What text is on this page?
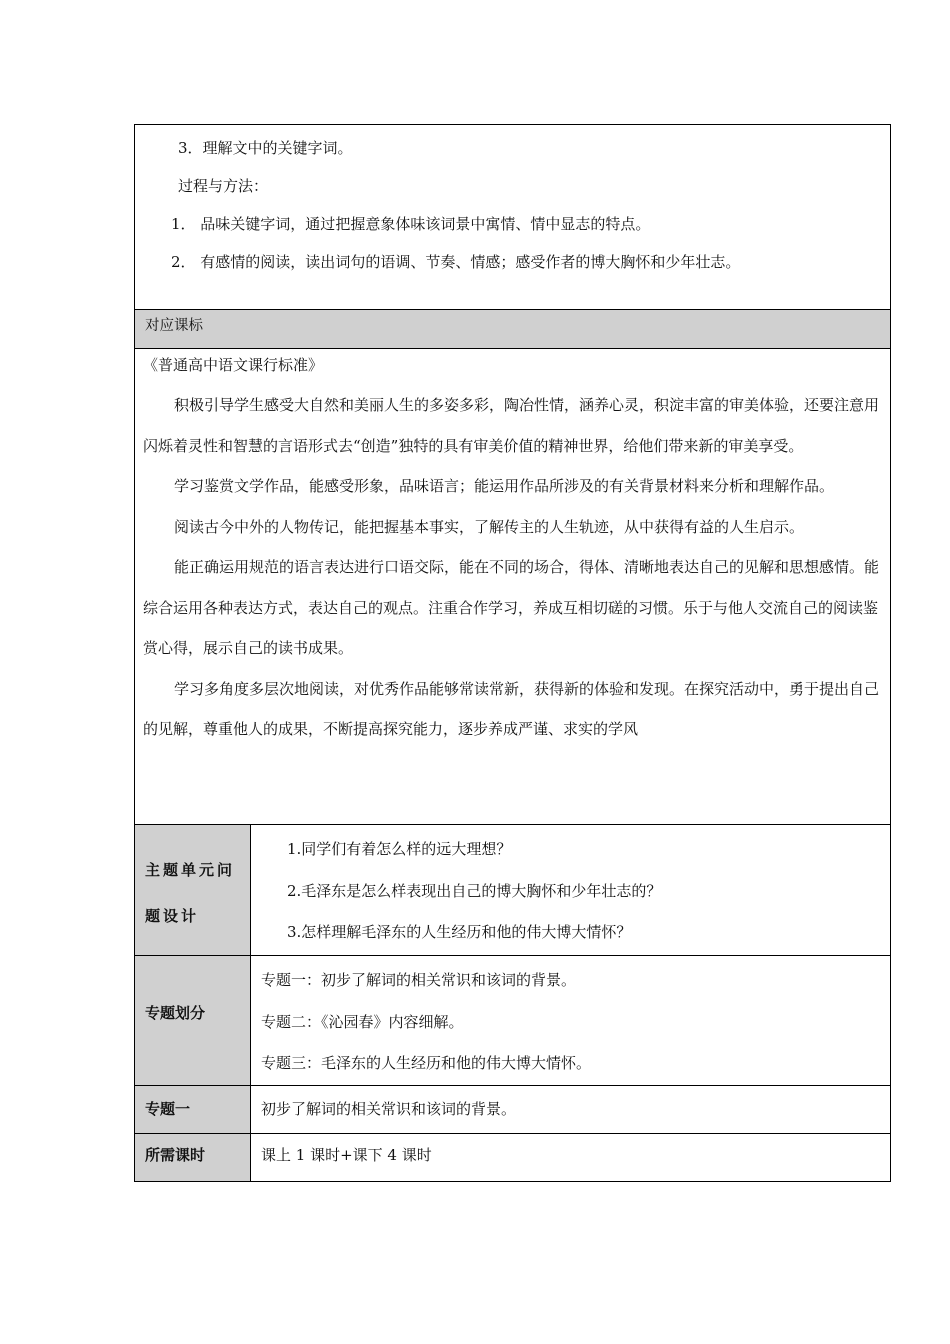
3．理解文中的关键字词。

过程与方法：

1． 品味关键字词，通过把握意象体味该词景中寓情、情中显志的特点。

2． 有感情的阅读，读出词句的语调、节奏、情感；感受作者的博大胸怀和少年壮志。

对应课标

《普通高中语文课行标准》

积极引导学生感受大自然和美丽人生的多姿多彩，陶冶性情，涵养心灵，积淀丰富的审美体验，还要注意用闪烁着灵性和智慧的言语形式去“创造”独特的具有审美价值的精神世界，给他们带来新的审美享受。

学习鉴赏文学作品，能感受形象，品味语言；能运用作品所涉及的有关背景材料来分析和理解作品。

阅读古今中外的人物传记，能把握基本事实，了解传主的人生轨迹，从中获得有益的人生启示。

能正确运用规范的语言表达进行口语交际，能在不同的场合，得体、清晰地表达自己的见解和思想感情。能综合运用各种表达方式，表达自己的观点。注重合作学习，养成互相切磋的习惯。乐于与他人交流自己的阅读鉴赏心得，展示自己的读书成果。

学习多角度多层次地阅读，对优秀作品能够常读常新，获得新的体验和发现。在探究活动中，勇于提出自己的见解，尊重他人的成果，不断提高探究能力，逐步养成严谨、求实的学风

主题单元问题设计

1.同学们有着怎么样的远大理想？

2.毛泽东是怎么样表现出自己的博大胸怀和少年壮志的？

3.怎样理解毛泽东的人生经历和他的伟大博大情怀？

专题划分

专题一：初步了解词的相关常识和该词的背景。

专题二：《沁园春》内容细解。

专题三：毛泽东的人生经历和他的伟大博大情怀。

专题一	初步了解词的相关常识和该词的背景。
所需课时	课上 1 课时+课下 4 课时
